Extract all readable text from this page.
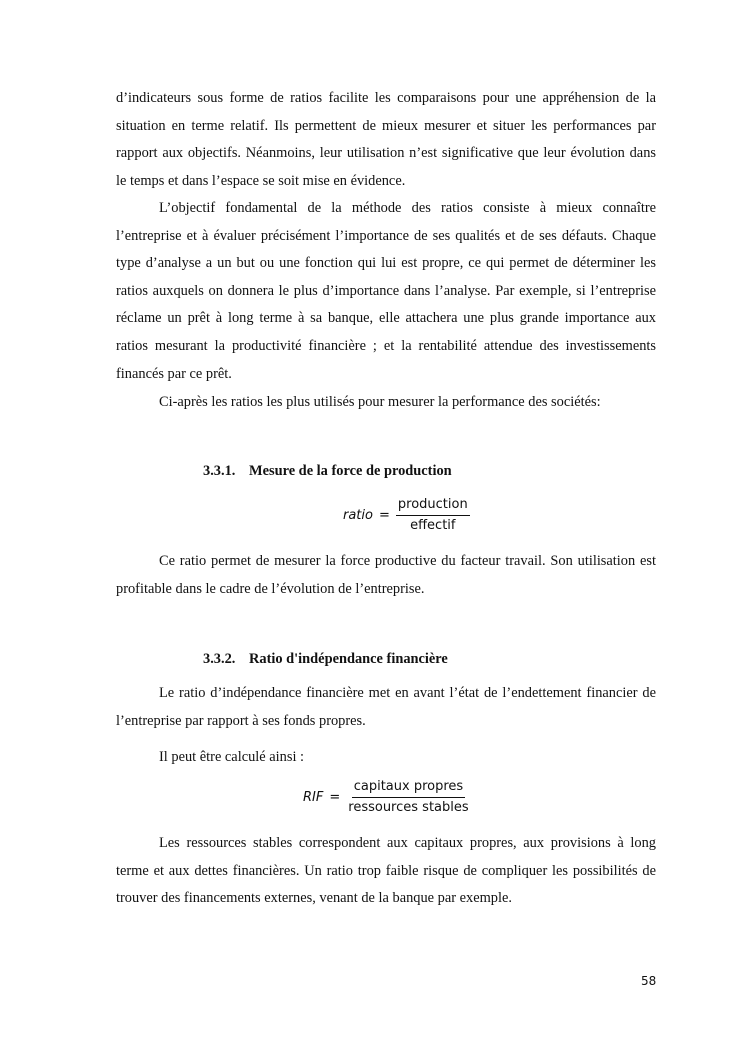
d’indicateurs sous forme de ratios facilite les comparaisons pour une appréhension de la situation en terme relatif. Ils permettent de mieux mesurer et situer les performances par rapport aux objectifs. Néanmoins, leur utilisation n’est significative que leur évolution dans le temps et dans l’espace se soit mise en évidence.

L’objectif fondamental de la méthode des ratios consiste à mieux connaître l’entreprise et à évaluer précisément l’importance de ses qualités et de ses défauts. Chaque type d’analyse a un but ou une fonction qui lui est propre, ce qui permet de déterminer les ratios auxquels on donnera le plus d’importance dans l’analyse. Par exemple, si l’entreprise réclame un prêt à long terme à sa banque, elle attachera une plus grande importance aux ratios mesurant la productivité financière ; et la rentabilité attendue des investissements financés par ce prêt.

Ci-après les ratios les plus utilisés pour mesurer la performance des sociétés:

3.3.1. Mesure de la force de production
ratio = $\frac{\text{production}}{\text{effectif}}$

Ce ratio permet de mesurer la force productive du facteur travail. Son utilisation est profitable dans le cadre de l’évolution de l’entreprise.

3.3.2. Ratio d'indépendance financière

Le ratio d’indépendance financière met en avant l’état de l’endettement financier de l’entreprise par rapport à ses fonds propres.

Il peut être calculé ainsi :

RIF = $\frac{\text{capitaux propres}}{\text{ressources stables}}$

Les ressources stables correspondent aux capitaux propres, aux provisions à long terme et aux dettes financières. Un ratio trop faible risque de compliquer les possibilités de trouver des financements externes, venant de la banque par exemple.

58
